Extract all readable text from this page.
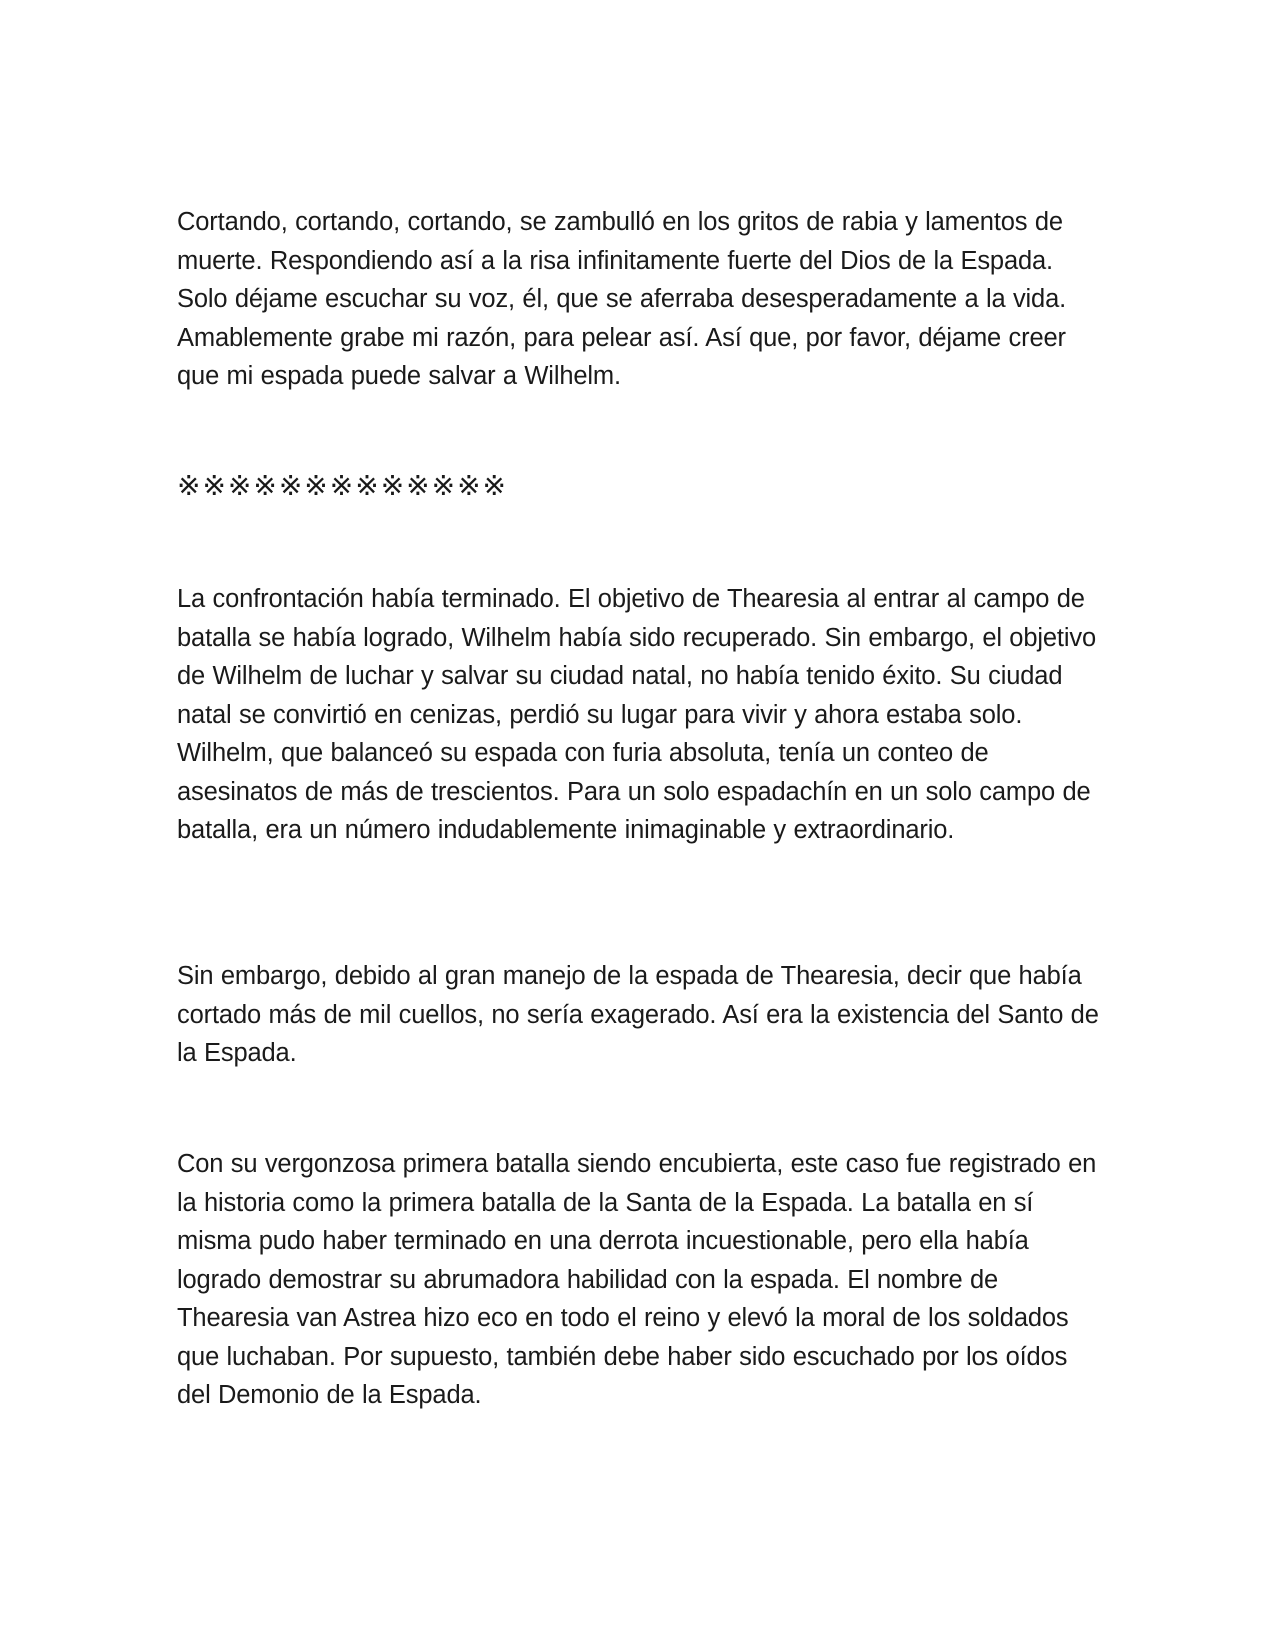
Cortando, cortando, cortando, se zambulló en los gritos de rabia y lamentos de muerte. Respondiendo así a la risa infinitamente fuerte del Dios de la Espada. Solo déjame escuchar su voz, él, que se aferraba desesperadamente a la vida. Amablemente grabe mi razón, para pelear así. Así que, por favor, déjame creer que mi espada puede salvar a Wilhelm.

※※※※※※※※※※※※※

La confrontación había terminado. El objetivo de Thearesia al entrar al campo de batalla se había logrado, Wilhelm había sido recuperado. Sin embargo, el objetivo de Wilhelm de luchar y salvar su ciudad natal, no había tenido éxito. Su ciudad natal se convirtió en cenizas, perdió su lugar para vivir y ahora estaba solo. Wilhelm, que balanceó su espada con furia absoluta, tenía un conteo de asesinatos de más de trescientos. Para un solo espadachín en un solo campo de batalla, era un número indudablemente inimaginable y extraordinario.

Sin embargo, debido al gran manejo de la espada de Thearesia, decir que había cortado más de mil cuellos, no sería exagerado. Así era la existencia del Santo de la Espada.

Con su vergonzosa primera batalla siendo encubierta, este caso fue registrado en la historia como la primera batalla de la Santa de la Espada. La batalla en sí misma pudo haber terminado en una derrota incuestionable, pero ella había logrado demostrar su abrumadora habilidad con la espada. El nombre de Thearesia van Astrea hizo eco en todo el reino y elevó la moral de los soldados que luchaban. Por supuesto, también debe haber sido escuchado por los oídos del Demonio de la Espada.
